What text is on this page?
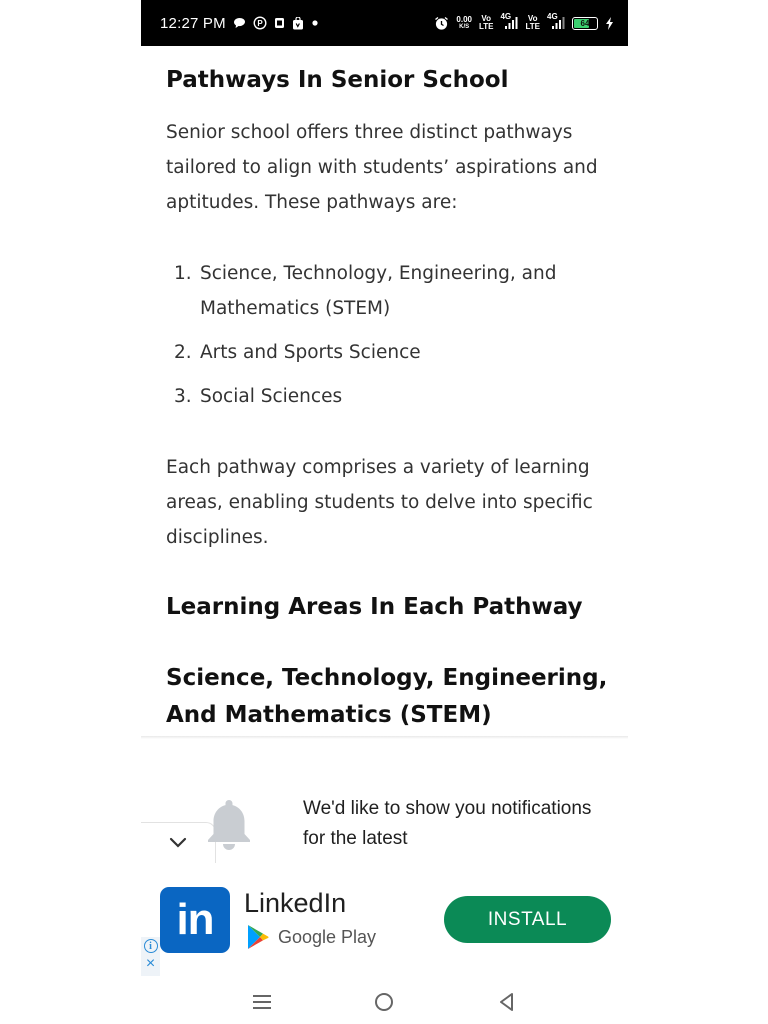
12:27 PM	P	0.00
K/S
Vo
LTE
4G	Vo
LTE
4G
64
Pathways In Senior School

Senior school offers three distinct pathways tailored to align with students’ aspirations and aptitudes. These pathways are:

1. Science, Technology, Engineering, and Mathematics (STEM)
2. Arts and Sports Science
3. Social Sciences

Each pathway comprises a variety of learning areas, enabling students to delve into specific disciplines.

Learning Areas In Each Pathway
Science, Technology, Engineering, And Mathematics (STEM)
We'd like to show you notifications for the latest
in	LinkedIn
Google Play
INSTALL
i
×
